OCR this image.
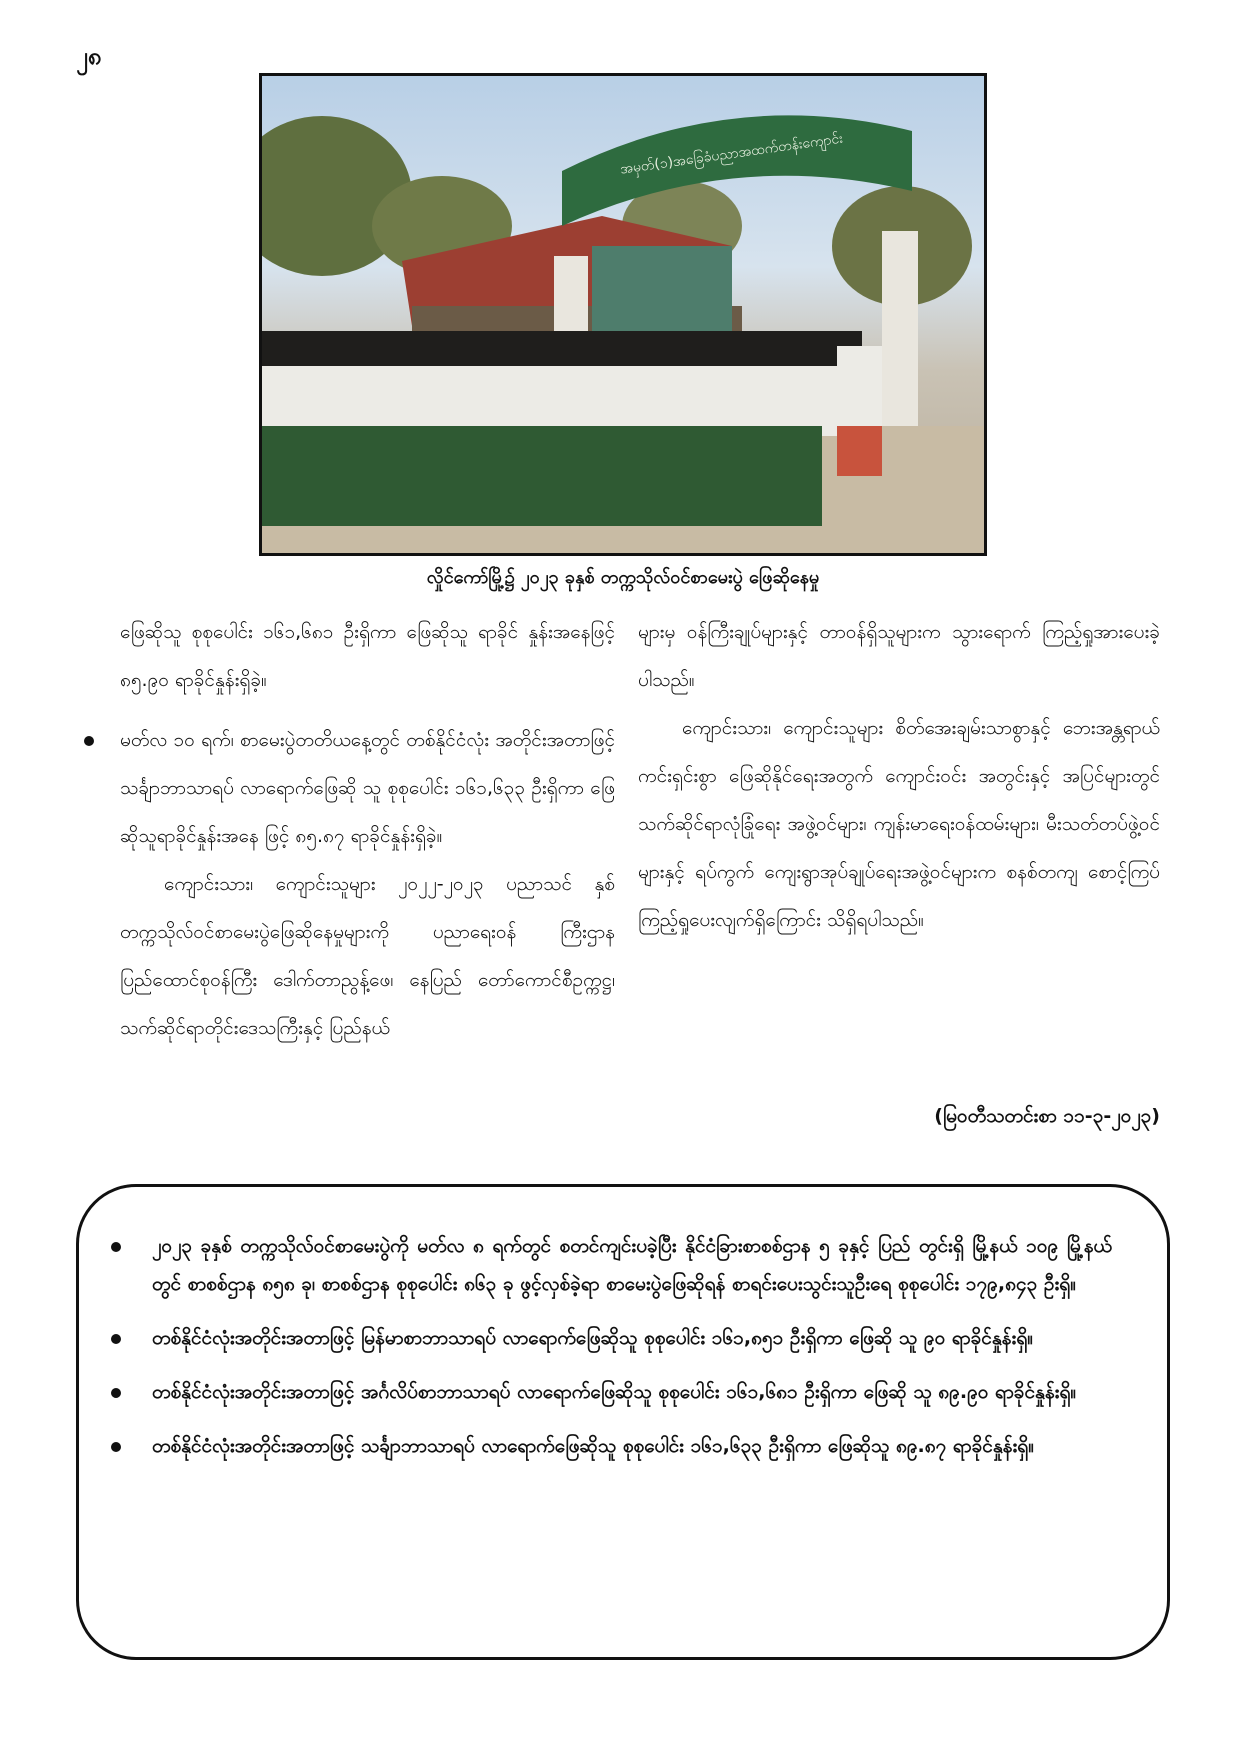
၂၈
အမှတ်(၁)အခြေခံပညာအထက်တန်းကျောင်း
လှိုင်ကော်မြို့၌ ၂၀၂၃ ခုနှစ် တက္ကသိုလ်ဝင်စာမေးပွဲ ဖြေဆိုနေမှု

ဖြေဆိုသူ စုစုပေါင်း ၁၆၁,၆၈၁ ဦးရှိကာ ဖြေဆိုသူ ရာခိုင် နှုန်းအနေဖြင့် ၈၅.၉၀ ရာခိုင်နှုန်းရှိခဲ့။

မတ်လ ၁၀ ရက်၊ စာမေးပွဲတတိယနေ့တွင် တစ်နိုင်ငံလုံး အတိုင်းအတာဖြင့် သင်္ချာဘာသာရပ် လာရောက်ဖြေဆို သူ စုစုပေါင်း ၁၆၁,၆၃၃ ဦးရှိကာ ဖြေဆိုသူရာခိုင်နှုန်းအနေ ဖြင့် ၈၅.၈၇ ရာခိုင်နှုန်းရှိခဲ့။

ကျောင်းသား၊ ကျောင်းသူများ ၂၀၂၂-၂၀၂၃ ပညာသင် နှစ် တက္ကသိုလ်ဝင်စာမေးပွဲဖြေဆိုနေမှုများကို ပညာရေးဝန် ကြီးဌာန ပြည်ထောင်စုဝန်ကြီး ဒေါက်တာညွန့်ဖေ၊ နေပြည် တော်ကောင်စီဥက္ကဋ္ဌ၊ သက်ဆိုင်ရာတိုင်းဒေသကြီးနှင့် ပြည်နယ်

များမှ ဝန်ကြီးချုပ်များနှင့် တာဝန်ရှိသူများက သွားရောက် ကြည့်ရှုအားပေးခဲ့ပါသည်။

ကျောင်းသား၊ ကျောင်းသူများ စိတ်အေးချမ်းသာစွာနှင့် ဘေးအန္တရာယ်ကင်းရှင်းစွာ ဖြေဆိုနိုင်ရေးအတွက် ကျောင်းဝင်း အတွင်းနှင့် အပြင်များတွင် သက်ဆိုင်ရာလုံခြုံရေး အဖွဲ့ဝင်များ၊ ကျန်းမာရေးဝန်ထမ်းများ၊ မီးသတ်တပ်ဖွဲ့ဝင်များနှင့် ရပ်ကွက် ကျေးရွာအုပ်ချုပ်ရေးအဖွဲ့ဝင်များက စနစ်တကျ စောင့်ကြပ် ကြည့်ရှုပေးလျက်ရှိကြောင်း သိရှိရပါသည်။

(မြဝတီသတင်းစာ ၁၁-၃-၂၀၂၃)
၂၀၂၃ ခုနှစ် တက္ကသိုလ်ဝင်စာမေးပွဲကို မတ်လ ၈ ရက်တွင် စတင်ကျင်းပခဲ့ပြီး နိုင်ငံခြားစာစစ်ဌာန ၅ ခုနှင့် ပြည် တွင်းရှိ မြို့နယ် ၁၀၉ မြို့နယ်တွင် စာစစ်ဌာန ၈၅၈ ခု၊ စာစစ်ဌာန စုစုပေါင်း ၈၆၃ ခု ဖွင့်လှစ်ခဲ့ရာ စာမေးပွဲဖြေဆိုရန် စာရင်းပေးသွင်းသူဦးရေ စုစုပေါင်း ၁၇၉,၈၄၃ ဦးရှိ။
တစ်နိုင်ငံလုံးအတိုင်းအတာဖြင့် မြန်မာစာဘာသာရပ် လာရောက်ဖြေဆိုသူ စုစုပေါင်း ၁၆၁,၈၅၁ ဦးရှိကာ ဖြေဆို သူ ၉၀ ရာခိုင်နှုန်းရှိ။
တစ်နိုင်ငံလုံးအတိုင်းအတာဖြင့် အင်္ဂလိပ်စာဘာသာရပ် လာရောက်ဖြေဆိုသူ စုစုပေါင်း ၁၆၁,၆၈၁ ဦးရှိကာ ဖြေဆို သူ ၈၉.၉၀ ရာခိုင်နှုန်းရှိ။
တစ်နိုင်ငံလုံးအတိုင်းအတာဖြင့် သင်္ချာဘာသာရပ် လာရောက်ဖြေဆိုသူ စုစုပေါင်း ၁၆၁,၆၃၃ ဦးရှိကာ ဖြေဆိုသူ ၈၉.၈၇ ရာခိုင်နှုန်းရှိ။
